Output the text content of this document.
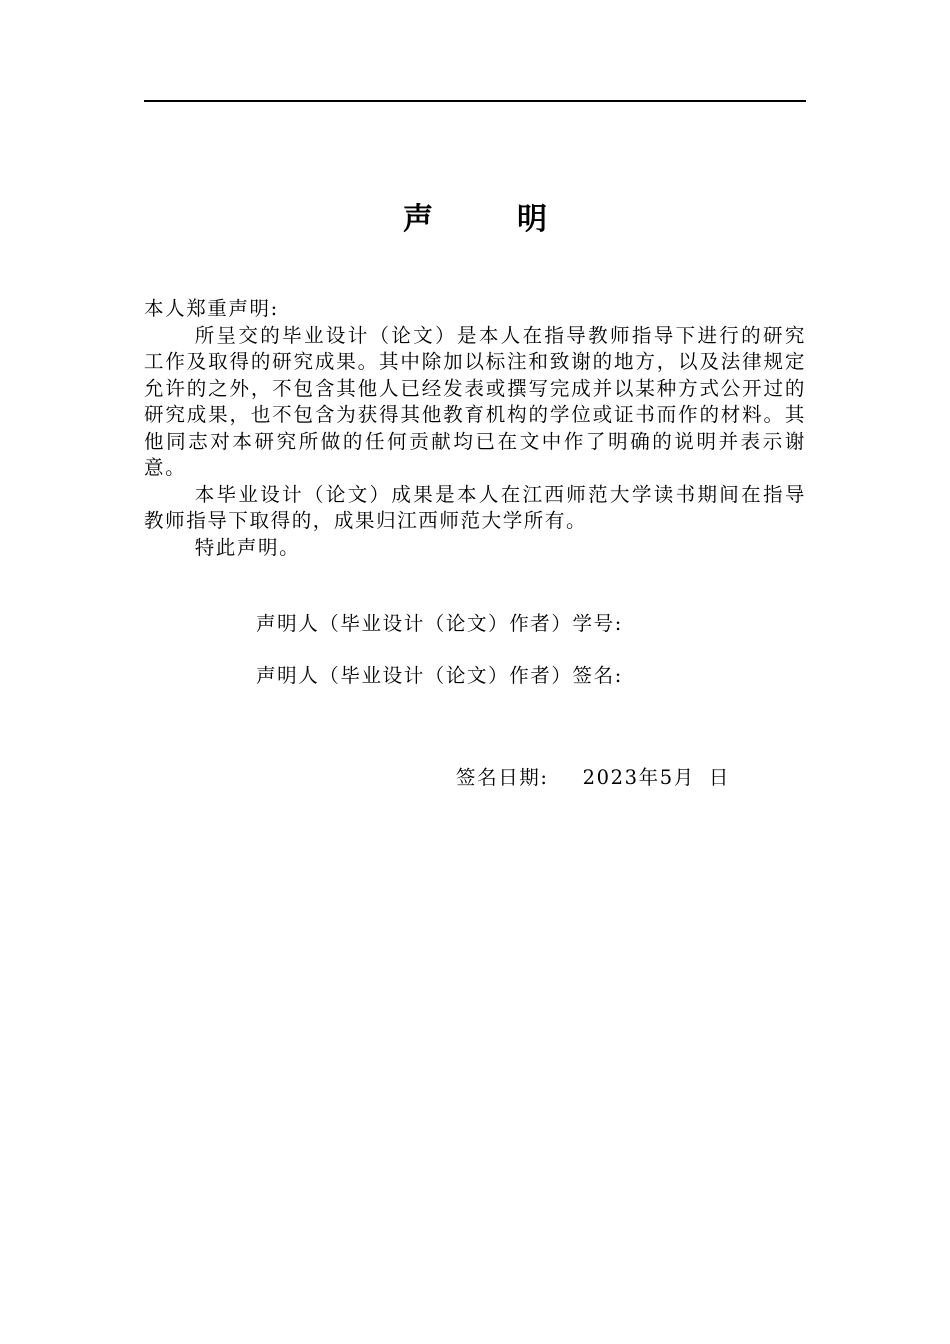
声	明

本人郑重声明:

所呈交的毕业设计（论文）是本人在指导教师指导下进行的研究工作及取得的研究成果。其中除加以标注和致谢的地方，以及法律规定允许的之外，不包含其他人已经发表或撰写完成并以某种方式公开过的研究成果，也不包含为获得其他教育机构的学位或证书而作的材料。其他同志对本研究所做的任何贡献均已在文中作了明确的说明并表示谢意。

本毕业设计（论文）成果是本人在江西师范大学读书期间在指导教师指导下取得的，成果归江西师范大学所有。

特此声明。

声明人（毕业设计（论文）作者）学号:
声明人（毕业设计（论文）作者）签名:
签名日期: 2023年5月 日
